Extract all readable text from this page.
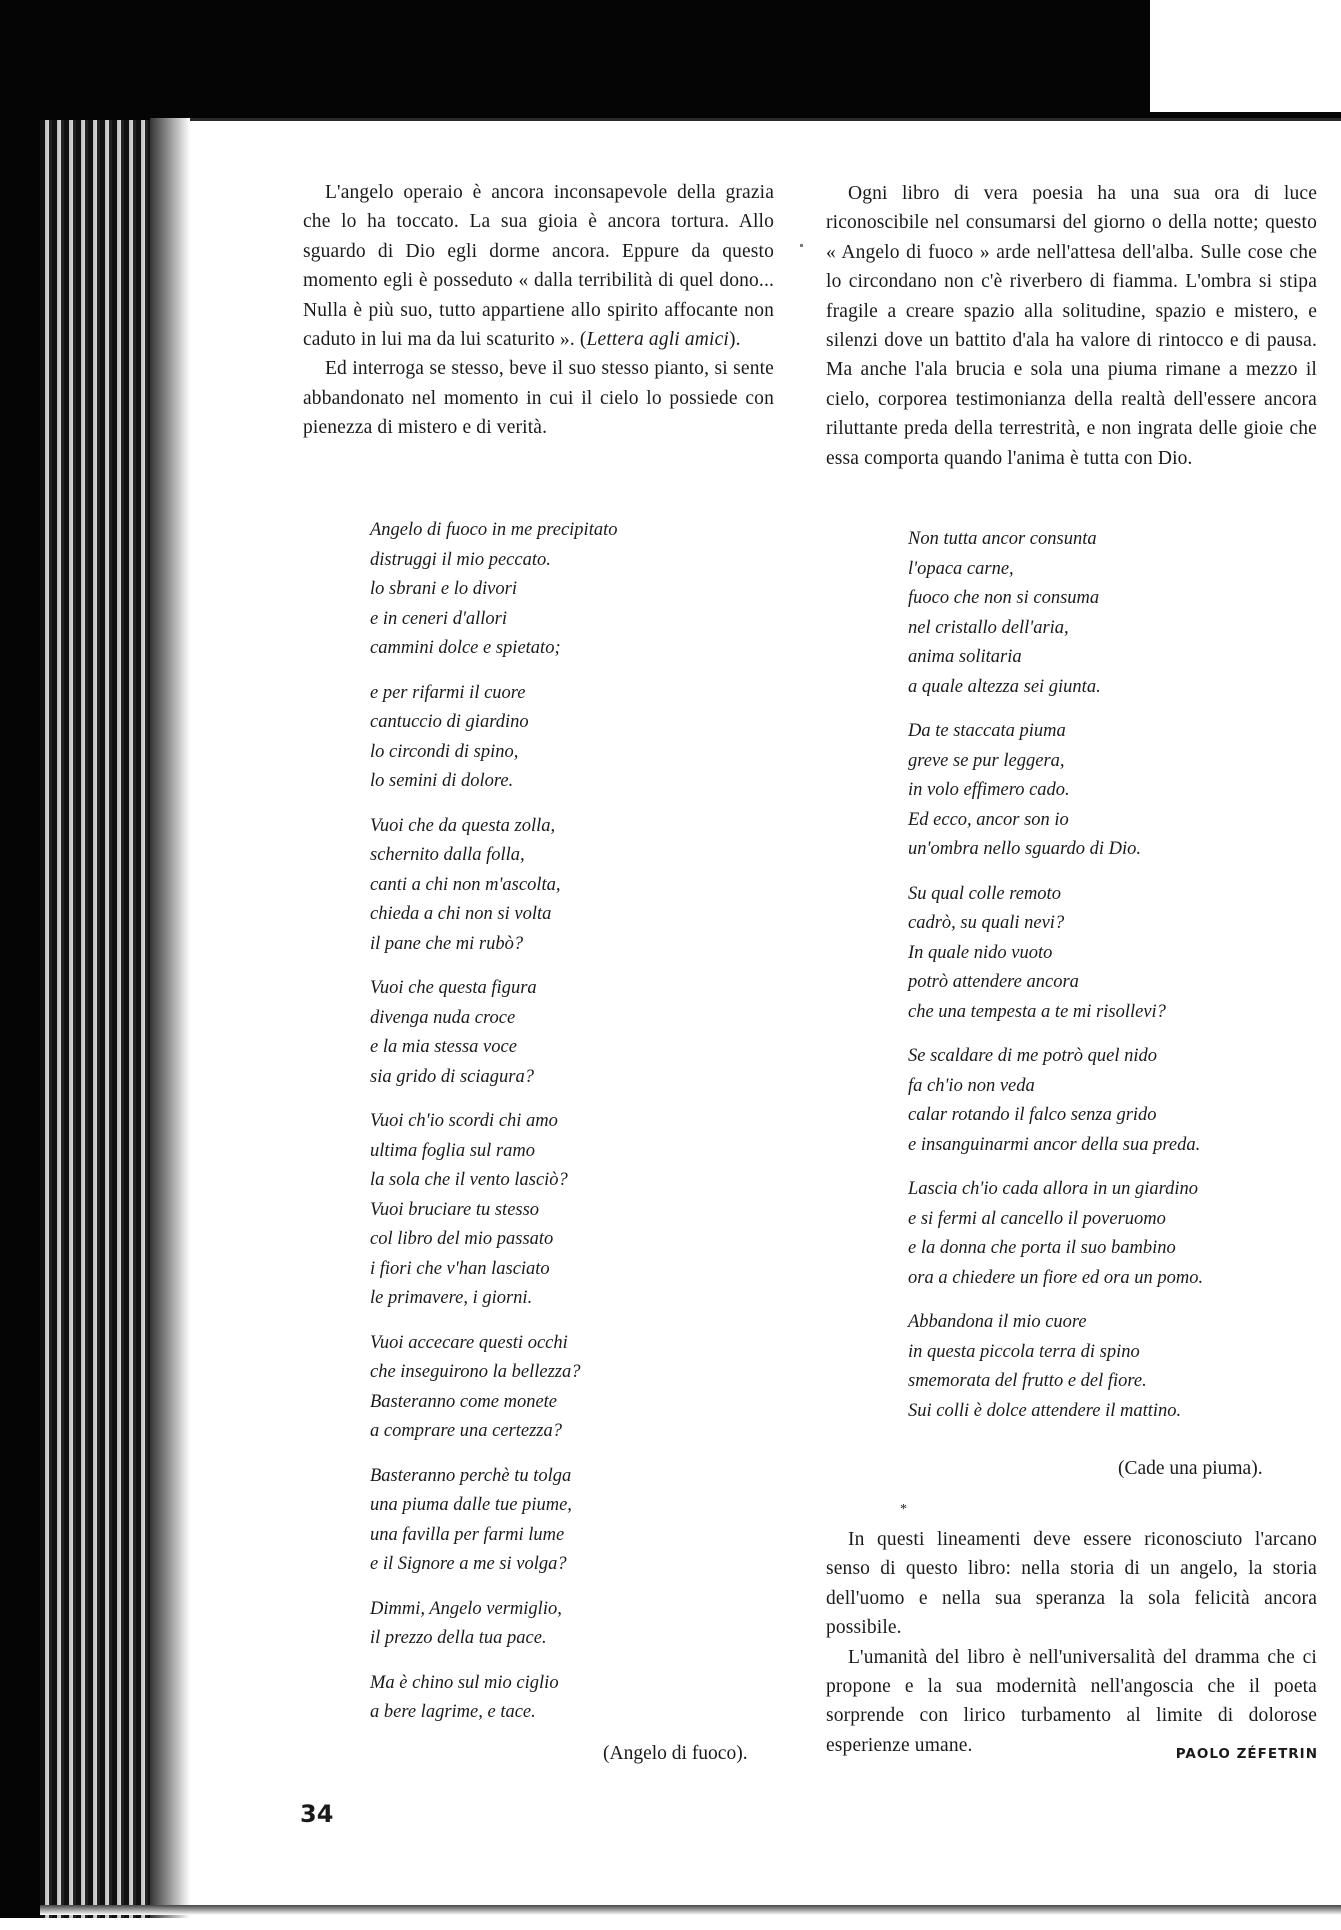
L'angelo operaio è ancora inconsapevole della grazia che lo ha toccato. La sua gioia è ancora tortura. Allo sguardo di Dio egli dorme ancora. Eppure da questo momento egli è posseduto « dalla terribilità di quel dono... Nulla è più suo, tutto appartiene allo spirito affocante non caduto in lui ma da lui scaturito ». (Lettera agli amici).

Ed interroga se stesso, beve il suo stesso pianto, si sente abbandonato nel momento in cui il cielo lo possiede con pienezza di mistero e di verità.

Angelo di fuoco in me precipitato
distruggi il mio peccato.
lo sbrani e lo divori
e in ceneri d'allori
cammini dolce e spietato;
e per rifarmi il cuore
cantuccio di giardino
lo circondi di spino,
lo semini di dolore.
Vuoi che da questa zolla,
schernito dalla folla,
canti a chi non m'ascolta,
chieda a chi non si volta
il pane che mi rubò?
Vuoi che questa figura
divenga nuda croce
e la mia stessa voce
sia grido di sciagura?
Vuoi ch'io scordi chi amo
ultima foglia sul ramo
la sola che il vento lasciò?
Vuoi bruciare tu stesso
col libro del mio passato
i fiori che v'han lasciato
le primavere, i giorni.
Vuoi accecare questi occhi
che inseguirono la bellezza?
Basteranno come monete
a comprare una certezza?
Basteranno perchè tu tolga
una piuma dalle tue piume,
una favilla per farmi lume
e il Signore a me si volga?
Dimmi, Angelo vermiglio,
il prezzo della tua pace.
Ma è chino sul mio ciglio
a bere lagrime, e tace.
(Angelo di fuoco).
34

Ogni libro di vera poesia ha una sua ora di luce riconoscibile nel consumarsi del giorno o della notte; questo « Angelo di fuoco » arde nell'attesa dell'alba. Sulle cose che lo circondano non c'è riverbero di fiamma. L'ombra si stipa fragile a creare spazio alla solitudine, spazio e mistero, e silenzi dove un battito d'ala ha valore di rintocco e di pausa. Ma anche l'ala brucia e sola una piuma rimane a mezzo il cielo, corporea testimonianza della realtà dell'essere ancora riluttante preda della terrestrità, e non ingrata delle gioie che essa comporta quando l'anima è tutta con Dio.

Non tutta ancor consunta
l'opaca carne,
fuoco che non si consuma
nel cristallo dell'aria,
anima solitaria
a quale altezza sei giunta.
Da te staccata piuma
greve se pur leggera,
in volo effimero cado.
Ed ecco, ancor son io
un'ombra nello sguardo di Dio.
Su qual colle remoto
cadrò, su quali nevi?
In quale nido vuoto
potrò attendere ancora
che una tempesta a te mi risollevi?
Se scaldare di me potrò quel nido
fa ch'io non veda
calar rotando il falco senza grido
e insanguinarmi ancor della sua preda.
Lascia ch'io cada allora in un giardino
e si fermi al cancello il poveruomo
e la donna che porta il suo bambino
ora a chiedere un fiore ed ora un pomo.
Abbandona il mio cuore
in questa piccola terra di spino
smemorata del frutto e del fiore.
Sui colli è dolce attendere il mattino.
(Cade una piuma).
*

In questi lineamenti deve essere riconosciuto l'arcano senso di questo libro: nella storia di un angelo, la storia dell'uomo e nella sua speranza la sola felicità ancora possibile.

L'umanità del libro è nell'universalità del dramma che ci propone e la sua modernità nell'angoscia che il poeta sorprende con lirico turbamento al limite di dolorose esperienze umane.	PAOLO ZÉFETRIN
